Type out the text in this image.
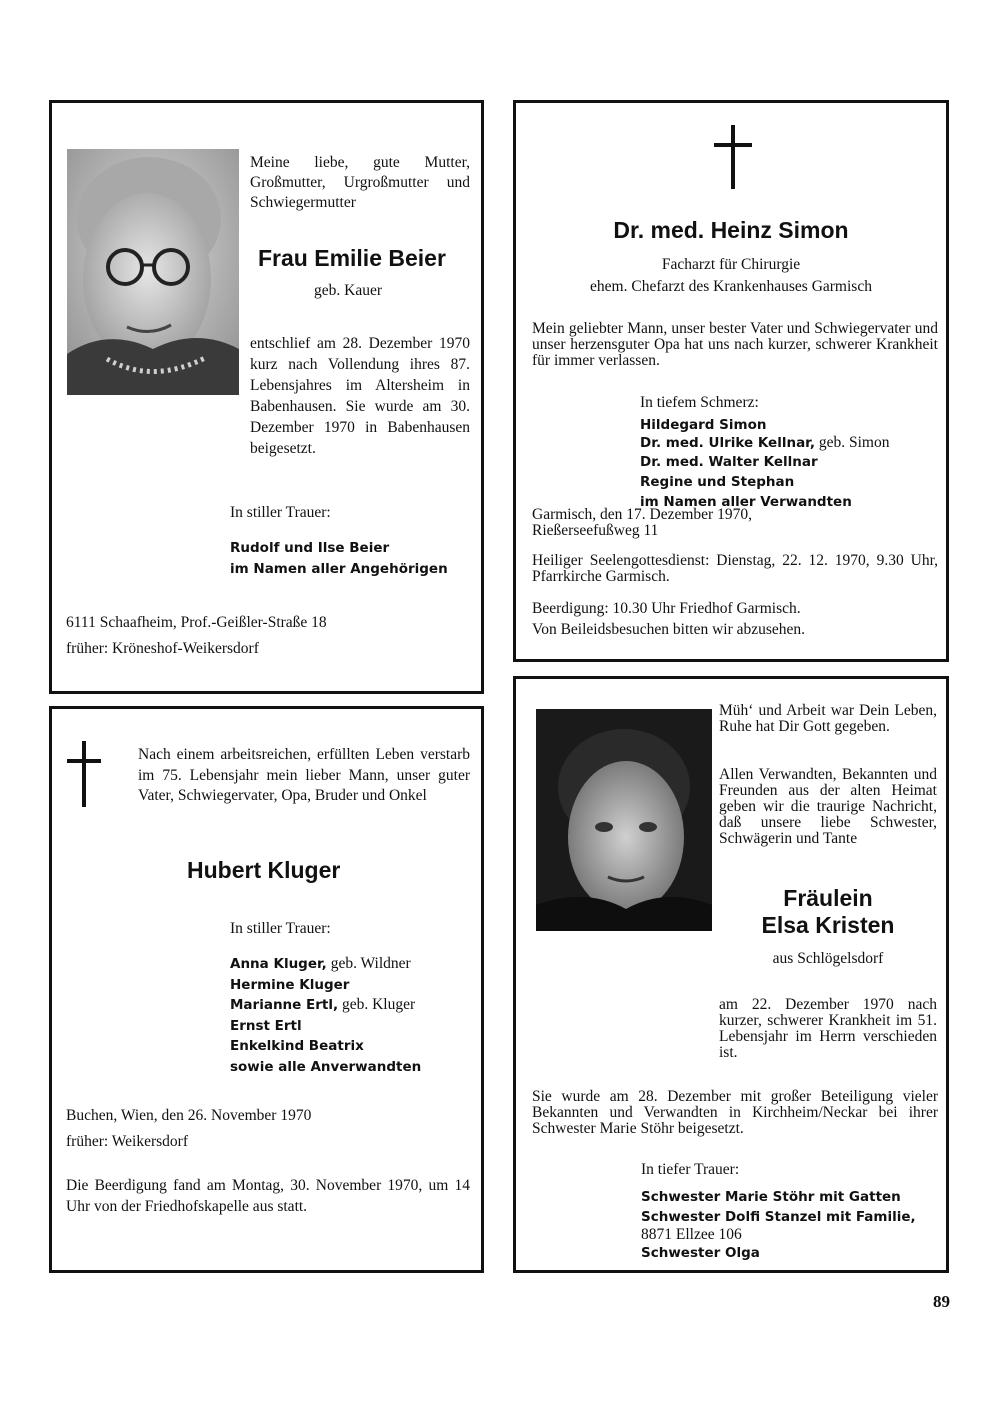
Meine liebe, gute Mutter, Großmutter, Urgroßmutter und Schwiegermutter
Frau Emilie Beier
geb. Kauer
entschlief am 28. Dezember 1970 kurz nach Vollendung ihres 87. Lebensjahres im Altersheim in Babenhausen. Sie wurde am 30. Dezember 1970 in Babenhausen beigesetzt.
In stiller Trauer:
Rudolf und Ilse Beier
im Namen aller Angehörigen
6111 Schaafheim, Prof.-Geißler-Straße 18
früher: Kröneshof-Weikersdorf
Dr. med. Heinz Simon
Facharzt für Chirurgie
ehem. Chefarzt des Krankenhauses Garmisch
Mein geliebter Mann, unser bester Vater und Schwiegervater und unser herzensguter Opa hat uns nach kurzer, schwerer Krankheit für immer verlassen.
In tiefem Schmerz:
Hildegard Simon
Dr. med. Ulrike Kellnar, geb. Simon
Dr. med. Walter Kellnar
Regine und Stephan
im Namen aller Verwandten
Garmisch, den 17. Dezember 1970, Rießerseefußweg 11
Heiliger Seelengottesdienst: Dienstag, 22. 12. 1970, 9.30 Uhr, Pfarrkirche Garmisch.
Beerdigung: 10.30 Uhr Friedhof Garmisch.
Von Beileidsbesuchen bitten wir abzusehen.
Nach einem arbeitsreichen, erfüllten Leben verstarb im 75. Lebensjahr mein lieber Mann, unser guter Vater, Schwiegervater, Opa, Bruder und Onkel
Hubert Kluger
In stiller Trauer:
Anna Kluger, geb. Wildner
Hermine Kluger
Marianne Ertl, geb. Kluger
Ernst Ertl
Enkelkind Beatrix
sowie alle Anverwandten
Buchen, Wien, den 26. November 1970
früher: Weikersdorf
Die Beerdigung fand am Montag, 30. November 1970, um 14 Uhr von der Friedhofskapelle aus statt.
Müh‘ und Arbeit war Dein Leben, Ruhe hat Dir Gott gegeben.
Allen Verwandten, Bekannten und Freunden aus der alten Heimat geben wir die traurige Nachricht, daß unsere liebe Schwester, Schwägerin und Tante
Fräulein
Elsa Kristen
aus Schlögelsdorf
am 22. Dezember 1970 nach kurzer, schwerer Krankheit im 51. Lebensjahr im Herrn verschieden ist.
Sie wurde am 28. Dezember mit großer Beteiligung vieler Bekannten und Verwandten in Kirchheim/Neckar bei ihrer Schwester Marie Stöhr beigesetzt.
In tiefer Trauer:
Schwester Marie Stöhr mit Gatten
Schwester Dolfi Stanzel mit Familie,
8871 Ellzee 106
Schwester Olga
89
